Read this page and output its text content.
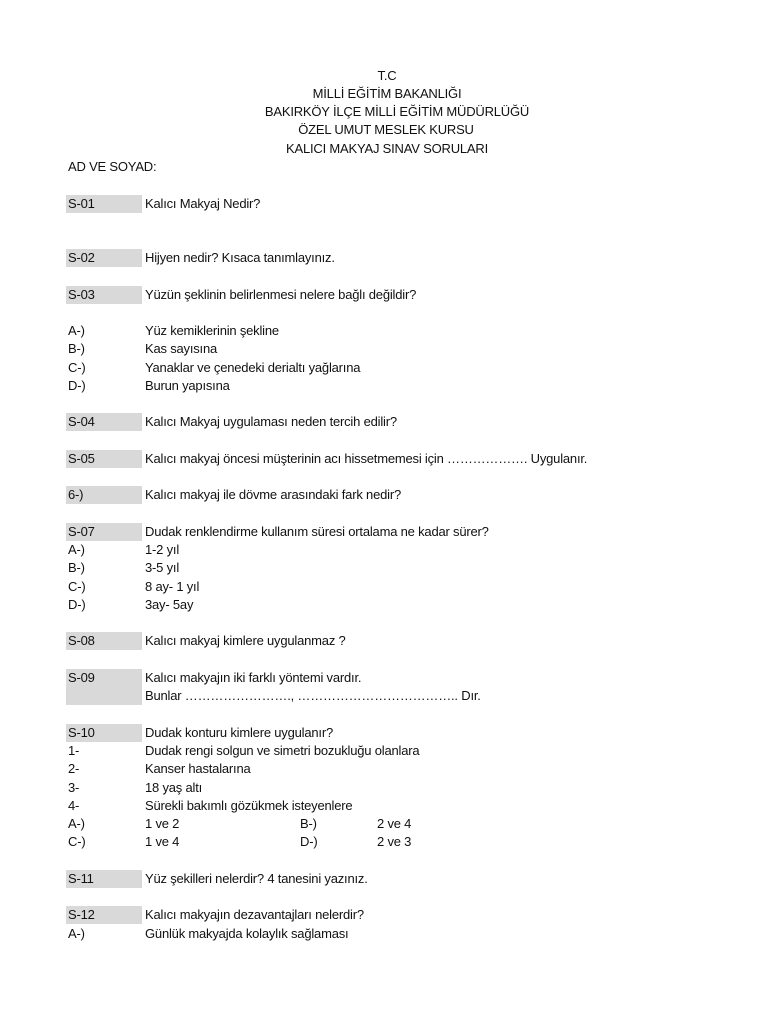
T.C
MİLLİ EĞİTİM BAKANLIĞI
BAKIRKÖY İLÇE MİLLİ EĞİTİM MÜDÜRLÜĞÜ
ÖZEL UMUT MESLEK KURSU
KALICI MAKYAJ SINAV SORULARI
AD VE SOYAD:
S-01	Kalıcı Makyaj Nedir?
S-02	Hijyen nedir? Kısaca tanımlayınız.
S-03	Yüzün şeklinin belirlenmesi nelere bağlı değildir?
A-)	Yüz kemiklerinin şekline
B-)	Kas sayısına
C-)	Yanaklar ve çenedeki derialtı yağlarına
D-)	Burun yapısına
S-04	Kalıcı Makyaj uygulaması neden tercih edilir?
S-05	Kalıcı makyaj öncesi müşterinin acı hissetmemesi için ………………. Uygulanır.
6-)	Kalıcı makyaj ile dövme arasındaki fark nedir?
S-07	Dudak renklendirme kullanım süresi ortalama ne kadar sürer?
A-)	1-2 yıl
B-)	3-5 yıl
C-)	8 ay- 1 yıl
D-)	3ay- 5ay
S-08	Kalıcı makyaj kimlere uygulanmaz ?
S-09	Kalıcı makyajın iki farklı yöntemi vardır.
Bunlar ……………………., ……………………………….. Dır.
S-10	Dudak konturu kimlere uygulanır?
1-	Dudak rengi solgun ve simetri bozukluğu olanlara
2-	Kanser hastalarına
3-	18 yaş altı
4-	Sürekli bakımlı gözükmek isteyenlere
A-)	1 ve 2	B-)	2 ve 4
C-)	1 ve 4	D-)	2 ve 3
S-11	Yüz şekilleri nelerdir? 4 tanesini yazınız.
S-12	Kalıcı makyajın dezavantajları nelerdir?
A-)	Günlük makyajda kolaylık sağlaması
